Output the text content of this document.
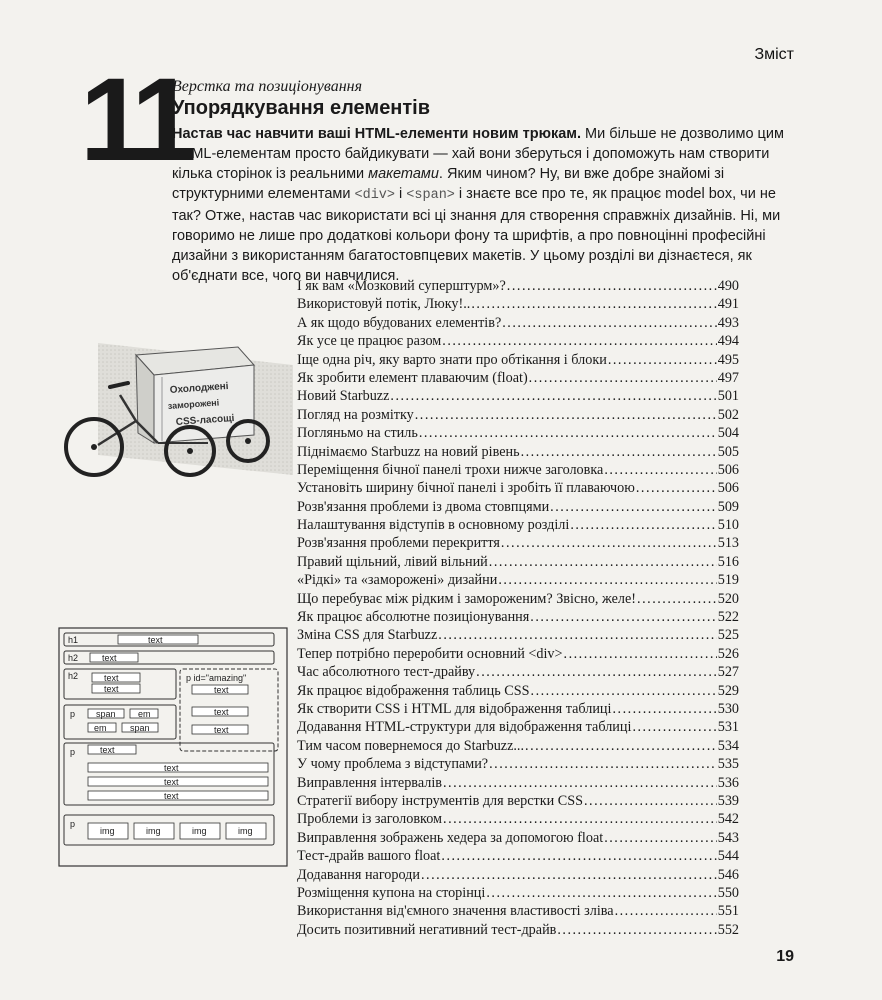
Зміст
11
Верстка та позиціонування
Упорядкування елементів
Настав час навчити ваші HTML-елементи новим трюкам. Ми більше не дозволимо цим HTML-елементам просто байдикувати — хай вони зберуться і допоможуть нам створити кілька сторінок із реальними макетами. Яким чином? Ну, ви вже добре знайомі зі структурними елементами <div> і <span> і знаєте все про те, як працює model box, чи не так? Отже, настав час використати всі ці знання для створення справжніх дизайнів. Ні, ми говоримо не лише про додаткові кольори фону та шрифтів, а про повноцінні професійні дизайни з використанням багатостовпцевих макетів. У цьому розділі ви дізнаєтеся, як об'єднати все, чого ви навчилися.
Охолоджені
заморожені
CSS-ласощі
h1	text
h2	text
h2	text
text
p id="amazing"
text
text
text
p span em
em	span
p	text
text
text
text
p
img	img	img	img
І як вам «Мозковий суперштурм»? .....	490
Використовуй потік, Люку!.. .....	491
А як щодо вбудованих елементів? .....	493
Як усе це працює разом .....	494
Іще одна річ, яку варто знати про обтікання і блоки .....	495
Як зробити елемент плаваючим (float) .....	497
Новий Starbuzz .....	501
Погляд на розмітку .....	502
Погляньмо на стиль .....	504
Піднімаємо Starbuzz на новий рівень .....	505
Переміщення бічної панелі трохи нижче заголовка .....	506
Установіть ширину бічної панелі і зробіть її плаваючою .....	506
Розв'язання проблеми із двома стовпцями .....	509
Налаштування відступів в основному розділі .....	510
Розв'язання проблеми перекриття .....	513
Правий щільний, лівий вільний .....	516
«Рідкі» та «заморожені» дизайни .....	519
Що перебуває між рідким і замороженим? Звісно, желе! .....	520
Як працює абсолютне позиціонування .....	522
Зміна CSS для Starbuzz .....	525
Тепер потрібно переробити основний <div> .....	526
Час абсолютного тест-драйву .....	527
Як працює відображення таблиць CSS .....	529
Як створити CSS і HTML для відображення таблиці .....	530
Додавання HTML-структури для відображення таблиці .....	531
Тим часом повернемося до Starbuzz... .....	534
У чому проблема з відступами? .....	535
Виправлення інтервалів .....	536
Стратегії вибору інструментів для верстки CSS .....	539
Проблеми із заголовком .....	542
Виправлення зображень хедера за допомогою float .....	543
Тест-драйв вашого float .....	544
Додавання нагороди .....	546
Розміщення купона на сторінці .....	550
Використання від'ємного значення властивості зліва .....	551
Досить позитивний негативний тест-драйв .....	552
19
